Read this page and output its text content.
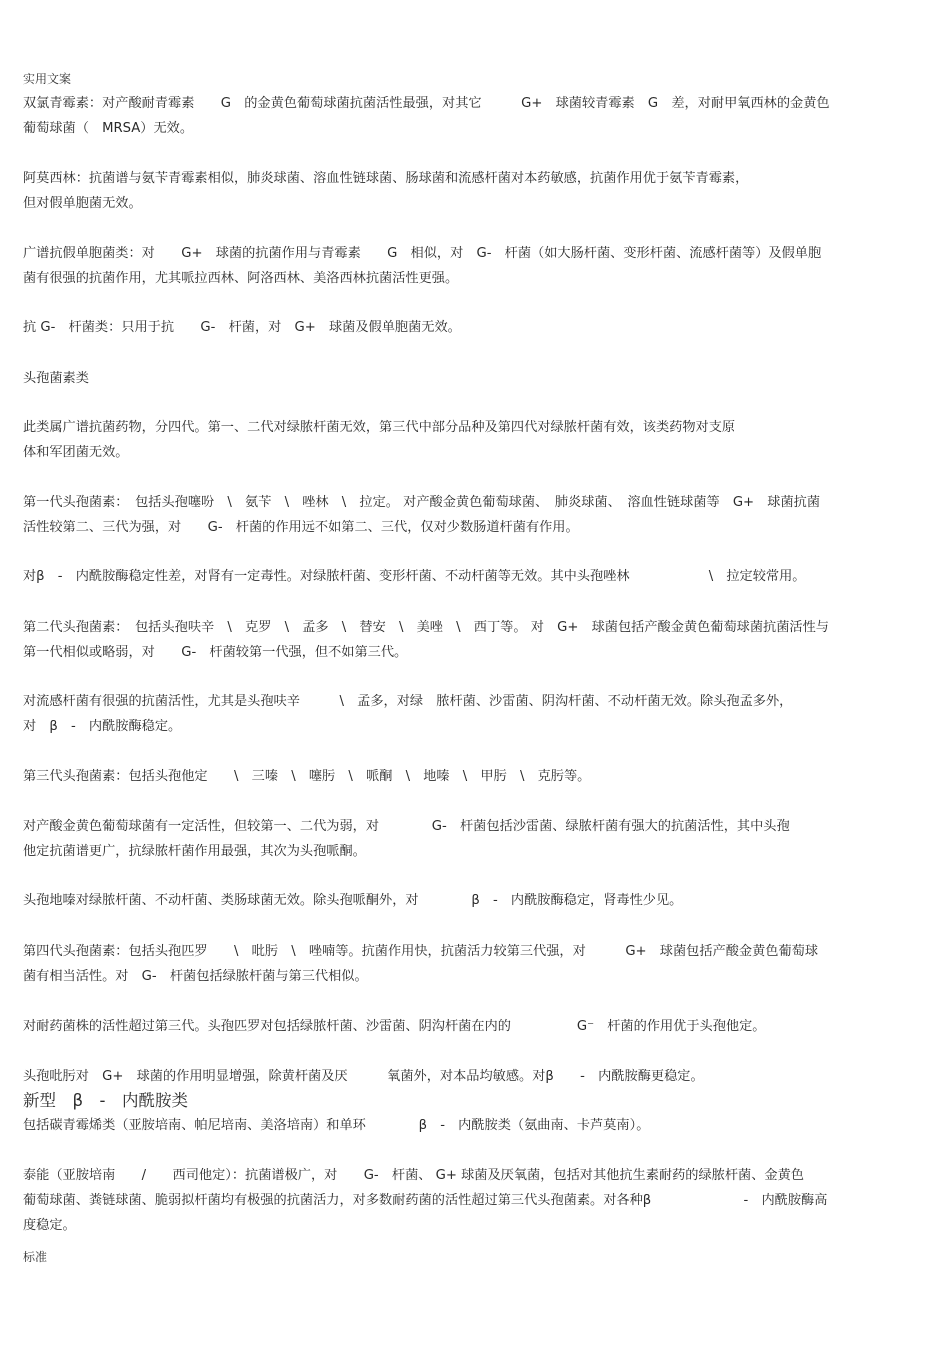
实用文案
双氯青霉素：对产酸耐青霉素　　G　的金黄色葡萄球菌抗菌活性最强，对其它　　　G+　球菌较青霉素　G　差，对耐甲氧西林的金黄色
葡萄球菌（　MRSA）无效。
阿莫西林：抗菌谱与氨苄青霉素相似，肺炎球菌、溶血性链球菌、肠球菌和流感杆菌对本药敏感，抗菌作用优于氨苄青霉素，
但对假单胞菌无效。
广谱抗假单胞菌类：对　　G+　球菌的抗菌作用与青霉素　　G　相似，对　G-　杆菌（如大肠杆菌、变形杆菌、流感杆菌等）及假单胞
菌有很强的抗菌作用，尤其哌拉西林、阿洛西林、美洛西林抗菌活性更强。
抗 G-　杆菌类：只用于抗　　G-　杆菌，对　G+　球菌及假单胞菌无效。
头孢菌素类
此类属广谱抗菌药物，分四代。第一、二代对绿脓杆菌无效，第三代中部分品种及第四代对绿脓杆菌有效，该类药物对支原
体和军团菌无效。
第一代头孢菌素：　包括头孢噻吩　\　氨苄　\　唑林　\　拉定。 对产酸金黄色葡萄球菌、　肺炎球菌、　溶血性链球菌等　G+　球菌抗菌
活性较第二、三代为强，对　　G-　杆菌的作用远不如第二、三代，仅对少数肠道杆菌有作用。
对β　-　内酰胺酶稳定性差，对肾有一定毒性。对绿脓杆菌、变形杆菌、不动杆菌等无效。其中头孢唑林　　　　　　\　拉定较常用。
第二代头孢菌素：　包括头孢呋辛　\　克罗　\　孟多　\　替安　\　美唑　\　西丁等。 对　G+　球菌包括产酸金黄色葡萄球菌抗菌活性与
第一代相似或略弱，对　　G-　杆菌较第一代强，但不如第三代。
对流感杆菌有很强的抗菌活性，尤其是头孢呋辛　　　\　孟多，对绿　脓杆菌、沙雷菌、阴沟杆菌、不动杆菌无效。除头孢孟多外，
对　β　-　内酰胺酶稳定。
第三代头孢菌素：包括头孢他定　　\　三嗪　\　噻肟　\　哌酮　\　地嗪　\　甲肟　\　克肟等。
对产酸金黄色葡萄球菌有一定活性，但较第一、二代为弱，对　　　　G-　杆菌包括沙雷菌、绿脓杆菌有强大的抗菌活性，其中头孢
他定抗菌谱更广，抗绿脓杆菌作用最强，其次为头孢哌酮。
头孢地嗪对绿脓杆菌、不动杆菌、类肠球菌无效。除头孢哌酮外，对　　　　β　-　内酰胺酶稳定，肾毒性少见。
第四代头孢菌素：包括头孢匹罗　　\　吡肟　\　唑喃等。抗菌作用快，抗菌活力较第三代强，对　　　G+　球菌包括产酸金黄色葡萄球
菌有相当活性。对　G-　杆菌包括绿脓杆菌与第三代相似。
对耐药菌株的活性超过第三代。头孢匹罗对包括绿脓杆菌、沙雷菌、阴沟杆菌在内的　　　　　G⁻　杆菌的作用优于头孢他定。
头孢吡肟对　G+　球菌的作用明显增强，除黄杆菌及厌　　　氧菌外，对本品均敏感。对β　　-　内酰胺酶更稳定。
新型　β　-　内酰胺类
包括碳青霉烯类（亚胺培南、帕尼培南、美洛培南）和单环　　　　β　-　内酰胺类（氨曲南、卡芦莫南）。
泰能（亚胺培南　　/　　西司他定）：抗菌谱极广，对　　G-　杆菌、 G+ 球菌及厌氧菌，包括对其他抗生素耐药的绿脓杆菌、金黄色
葡萄球菌、粪链球菌、脆弱拟杆菌均有极强的抗菌活力，对多数耐药菌的活性超过第三代头孢菌素。对各种β　　　　　　　-　内酰胺酶高
度稳定。
标准
